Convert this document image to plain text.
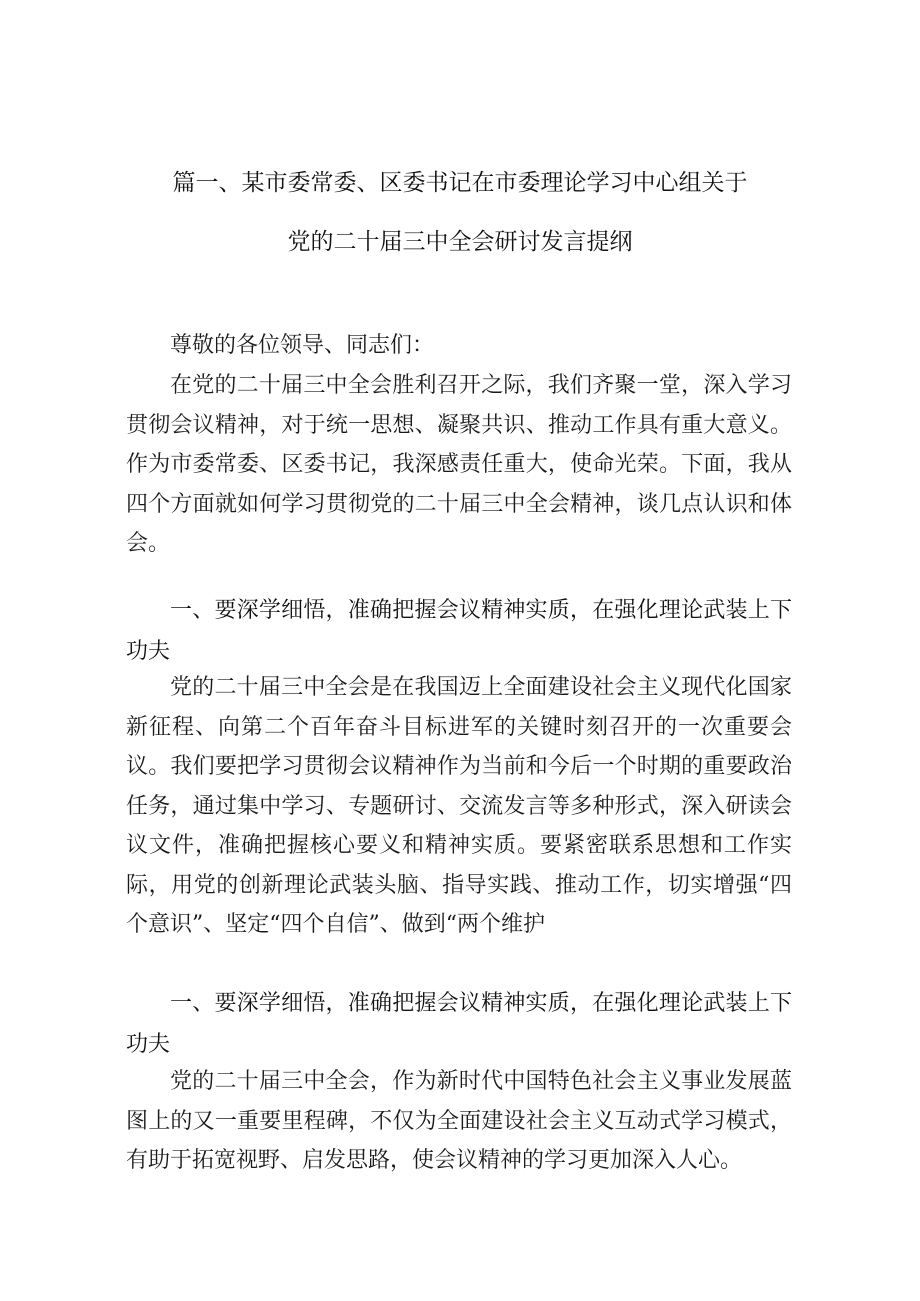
篇一、某市委常委、区委书记在市委理论学习中心组关于
党的二十届三中全会研讨发言提纲

尊敬的各位领导、同志们：

在党的二十届三中全会胜利召开之际，我们齐聚一堂，深入学习贯彻会议精神，对于统一思想、凝聚共识、推动工作具有重大意义。作为市委常委、区委书记，我深感责任重大，使命光荣。下面，我从四个方面就如何学习贯彻党的二十届三中全会精神，谈几点认识和体会。

一、要深学细悟，准确把握会议精神实质，在强化理论武装上下功夫

党的二十届三中全会是在我国迈上全面建设社会主义现代化国家新征程、向第二个百年奋斗目标进军的关键时刻召开的一次重要会议。我们要把学习贯彻会议精神作为当前和今后一个时期的重要政治任务，通过集中学习、专题研讨、交流发言等多种形式，深入研读会议文件，准确把握核心要义和精神实质。要紧密联系思想和工作实际，用党的创新理论武装头脑、指导实践、推动工作，切实增强“四个意识”、坚定“四个自信”、做到“两个维护

一、要深学细悟，准确把握会议精神实质，在强化理论武装上下功夫

党的二十届三中全会，作为新时代中国特色社会主义事业发展蓝图上的又一重要里程碑，不仅为全面建设社会主义互动式学习模式，有助于拓宽视野、启发思路，使会议精神的学习更加深入人心。
